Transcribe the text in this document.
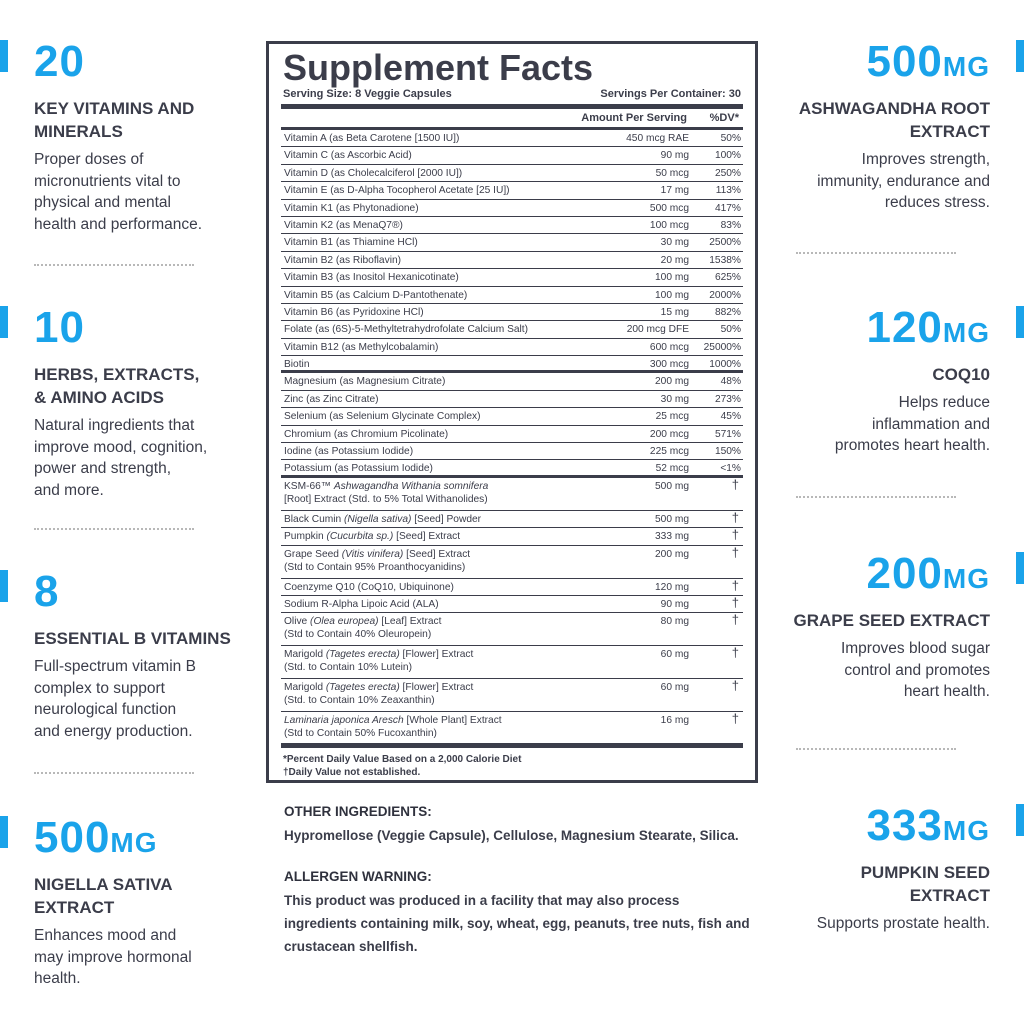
20
KEY VITAMINS AND
MINERALS
Proper doses of
micronutrients vital to
physical and mental
health and performance.
10
HERBS, EXTRACTS,
& AMINO ACIDS
Natural ingredients that
improve mood, cognition,
power and strength,
and more.
8
ESSENTIAL B VITAMINS
Full-spectrum vitamin B
complex to support
neurological function
and energy production.
500MG
NIGELLA SATIVA
EXTRACT
Enhances mood and
may improve hormonal
health.
500MG
ASHWAGANDHA ROOT
EXTRACT
Improves strength,
immunity, endurance and
reduces stress.
120MG
COQ10
Helps reduce
inflammation and
promotes heart health.
200MG
GRAPE SEED EXTRACT
Improves blood sugar
control and promotes
heart health.
333MG
PUMPKIN SEED
EXTRACT
Supports prostate health.
Supplement Facts
Serving Size: 8 Veggie Capsules	Servings Per Container: 30
Amount Per Serving %DV*
Vitamin A (as Beta Carotene [1500 IU])	450 mcg RAE	50%
Vitamin C (as Ascorbic Acid)	90 mg	100%
Vitamin D (as Cholecalciferol [2000 IU])	50 mcg	250%
Vitamin E (as D-Alpha Tocopherol Acetate [25 IU])	17 mg	113%
Vitamin K1 (as Phytonadione)	500 mcg	417%
Vitamin K2 (as MenaQ7®)	100 mcg	83%
Vitamin B1 (as Thiamine HCl)	30 mg 2500%
Vitamin B2 (as Riboflavin)	20 mg 1538%
Vitamin B3 (as Inositol Hexanicotinate)	100 mg	625%
Vitamin B5 (as Calcium D-Pantothenate)	100 mg 2000%
Vitamin B6 (as Pyridoxine HCl)	15 mg	882%
Folate (as (6S)-5-Methyltetrahydrofolate Calcium Salt)	200 mcg DFE	50%
Vitamin B12 (as Methylcobalamin)	600 mcg 25000%
Biotin	300 mcg 1000%
Magnesium (as Magnesium Citrate)	200 mg	48%
Zinc (as Zinc Citrate)	30 mg	273%
Selenium (as Selenium Glycinate Complex)	25 mcg	45%
Chromium (as Chromium Picolinate)	200 mcg	571%
Iodine (as Potassium Iodide)	225 mcg	150%
Potassium (as Potassium Iodide)	52 mcg	<1%
KSM-66™ Ashwagandha Withania somnifera
[Root] Extract (Std. to 5% Total Withanolides)
500 mg	†
Black Cumin (Nigella sativa) [Seed] Powder	500 mg	†
Pumpkin (Cucurbita sp.) [Seed] Extract	333 mg	†
Grape Seed (Vitis vinifera) [Seed] Extract
(Std to Contain 95% Proanthocyanidins)
200 mg	†
Coenzyme Q10 (CoQ10, Ubiquinone)	120 mg	†
Sodium R-Alpha Lipoic Acid (ALA)	90 mg	†
Olive (Olea europea) [Leaf] Extract
(Std to Contain 40% Oleuropein)
80 mg	†
Marigold (Tagetes erecta) [Flower] Extract
(Std. to Contain 10% Lutein)
60 mg	†
Marigold (Tagetes erecta) [Flower] Extract
(Std. to Contain 10% Zeaxanthin)
60 mg	†
Laminaria japonica Aresch [Whole Plant] Extract
(Std to Contain 50% Fucoxanthin)
16 mg	†
*Percent Daily Value Based on a 2,000 Calorie Diet
†Daily Value not established.
OTHER INGREDIENTS:
Hypromellose (Veggie Capsule), Cellulose, Magnesium Stearate, Silica.
ALLERGEN WARNING:
This product was produced in a facility that may also process ingredients containing milk, soy, wheat, egg, peanuts, tree nuts, fish and crustacean shellfish.
